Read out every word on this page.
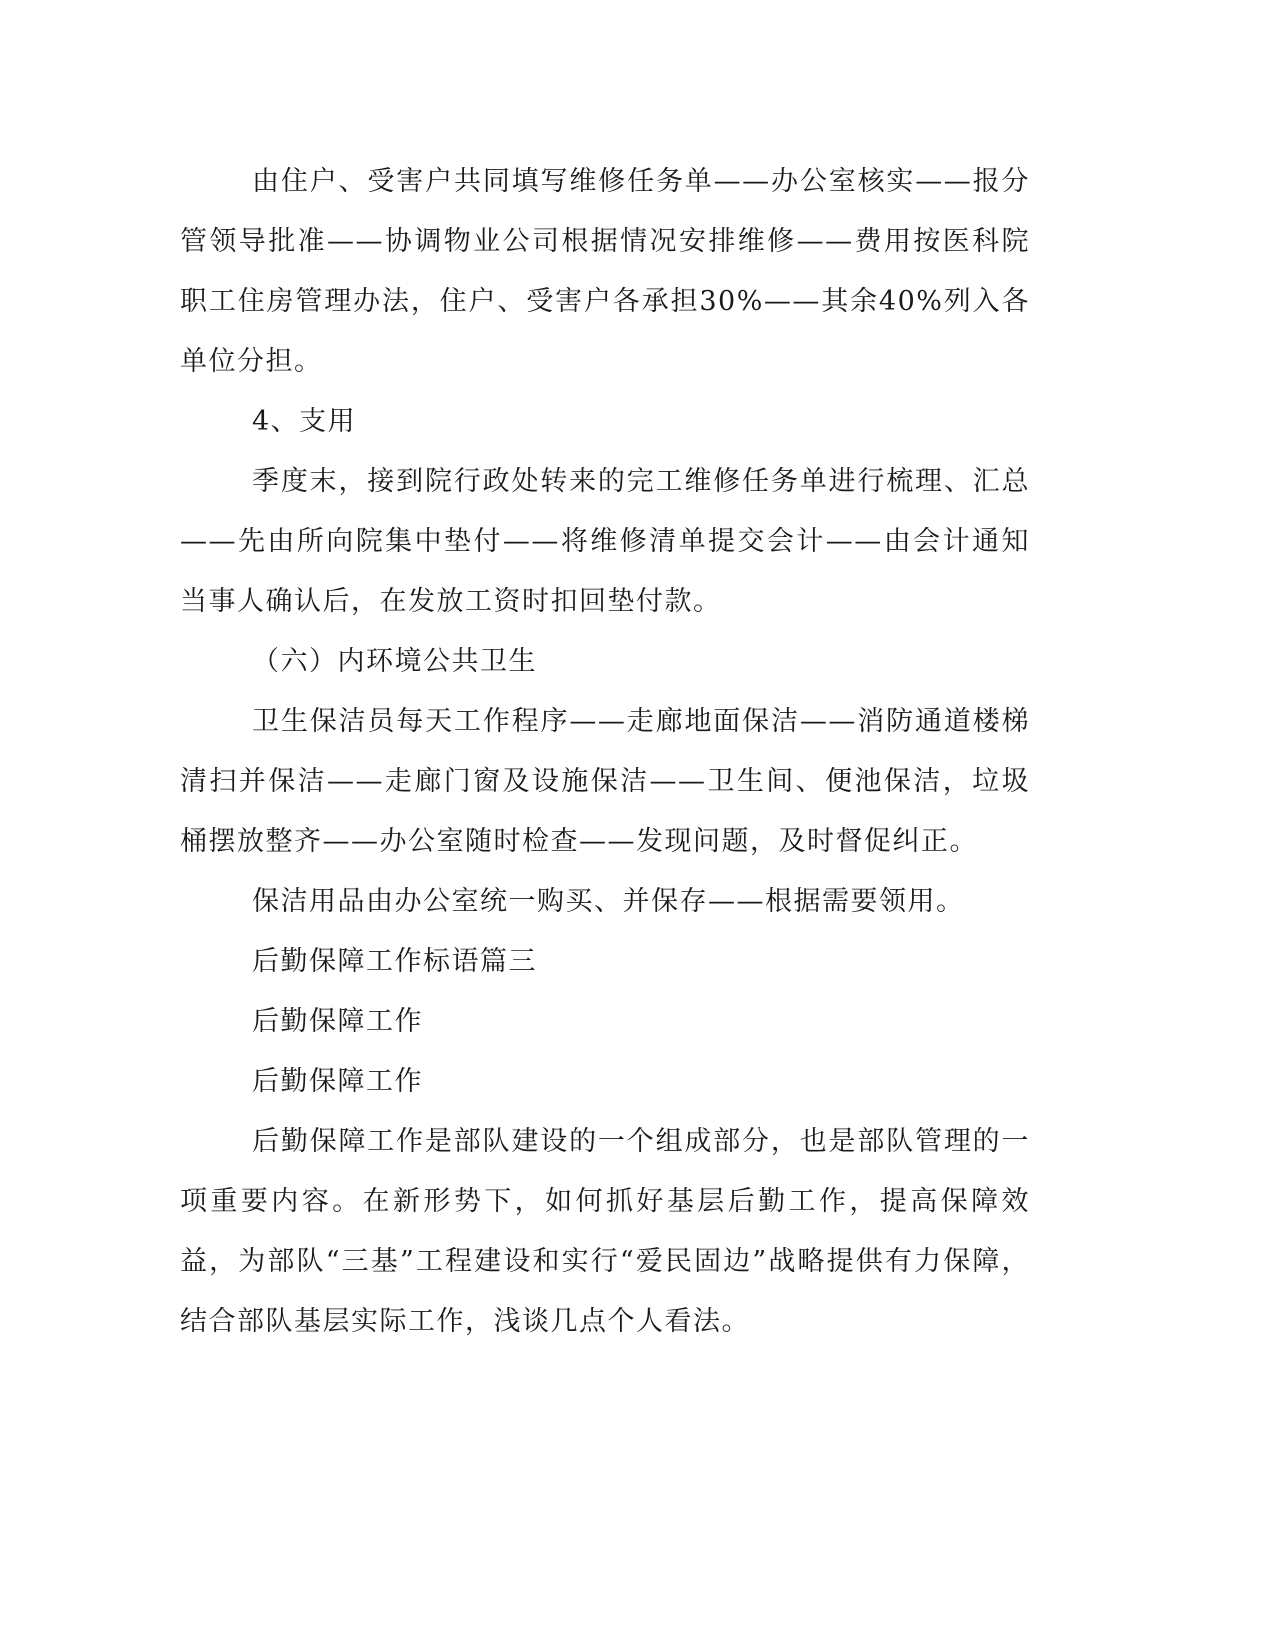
由住户、受害户共同填写维修任务单——办公室核实——报分管领导批准——协调物业公司根据情况安排维修——费用按医科院职工住房管理办法，住户、受害户各承担30%——其余40%列入各单位分担。

4、支用

季度末，接到院行政处转来的完工维修任务单进行梳理、汇总——先由所向院集中垫付——将维修清单提交会计——由会计通知当事人确认后，在发放工资时扣回垫付款。

（六）内环境公共卫生

卫生保洁员每天工作程序——走廊地面保洁——消防通道楼梯清扫并保洁——走廊门窗及设施保洁——卫生间、便池保洁，垃圾桶摆放整齐——办公室随时检查——发现问题，及时督促纠正。

保洁用品由办公室统一购买、并保存——根据需要领用。

后勤保障工作标语篇三

后勤保障工作

后勤保障工作

后勤保障工作是部队建设的一个组成部分，也是部队管理的一项重要内容。在新形势下，如何抓好基层后勤工作，提高保障效益，为部队“三基”工程建设和实行“爱民固边”战略提供有力保障，结合部队基层实际工作，浅谈几点个人看法。
